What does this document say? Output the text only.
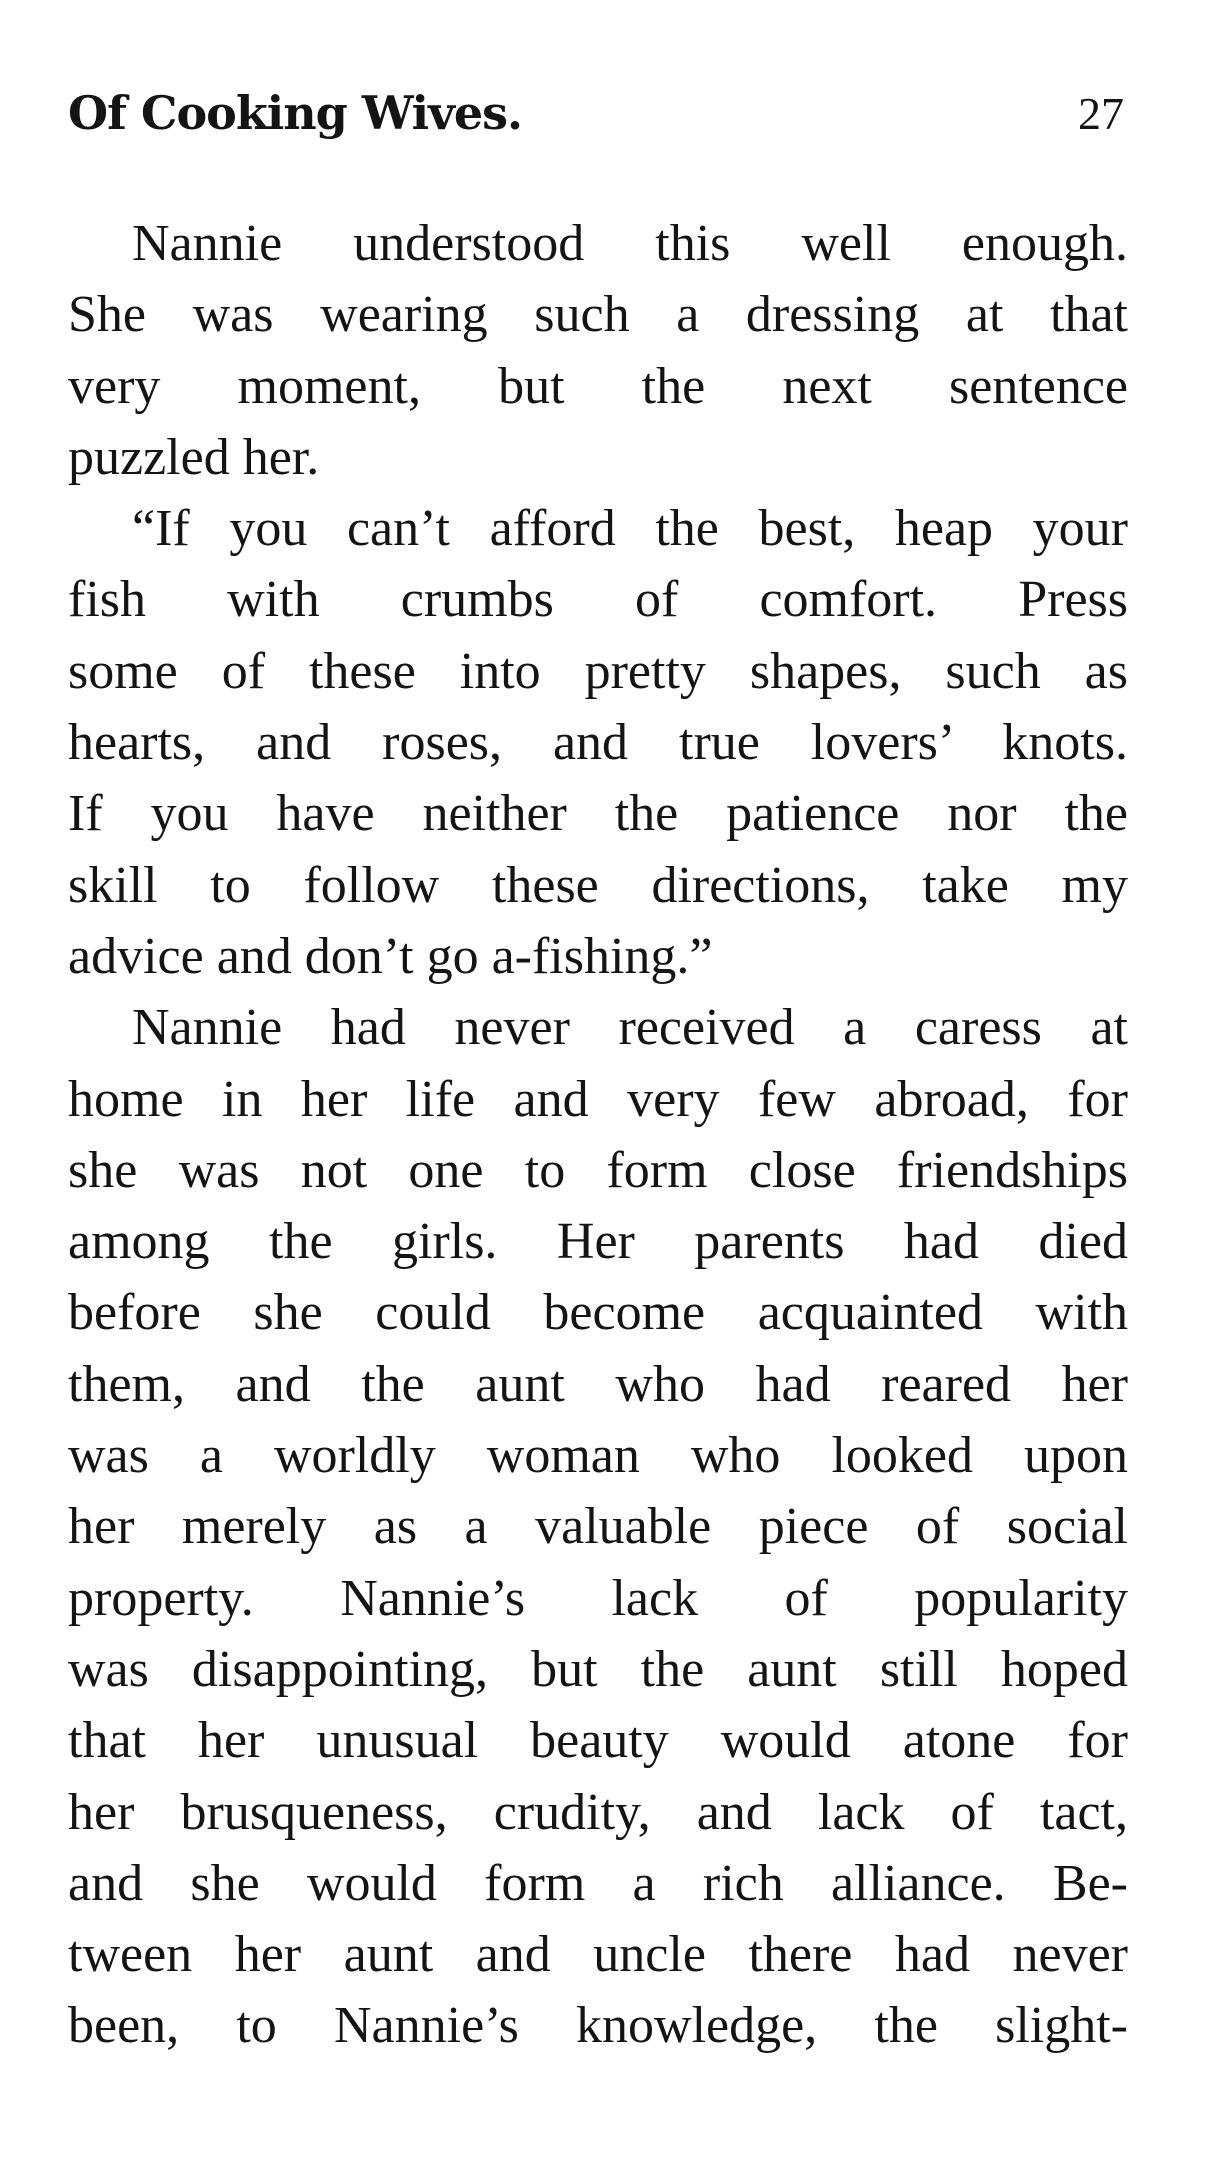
Of Cooking Wives.	27
Nannie understood this well enough.
She was wearing such a dressing at that
very moment, but the next sentence
puzzled her.
“If you can’t afford the best, heap your
fish with crumbs of comfort. Press
some of these into pretty shapes, such as
hearts, and roses, and true lovers’ knots.
If you have neither the patience nor the
skill to follow these directions, take my
advice and don’t go a-fishing.”
Nannie had never received a caress at
home in her life and very few abroad, for
she was not one to form close friendships
among the girls. Her parents had died
before she could become acquainted with
them, and the aunt who had reared her
was a worldly woman who looked upon
her merely as a valuable piece of social
property. Nannie’s lack of popularity
was disappointing, but the aunt still hoped
that her unusual beauty would atone for
her brusqueness, crudity, and lack of tact,
and she would form a rich alliance. Be-
tween her aunt and uncle there had never
been, to Nannie’s knowledge, the slight-
